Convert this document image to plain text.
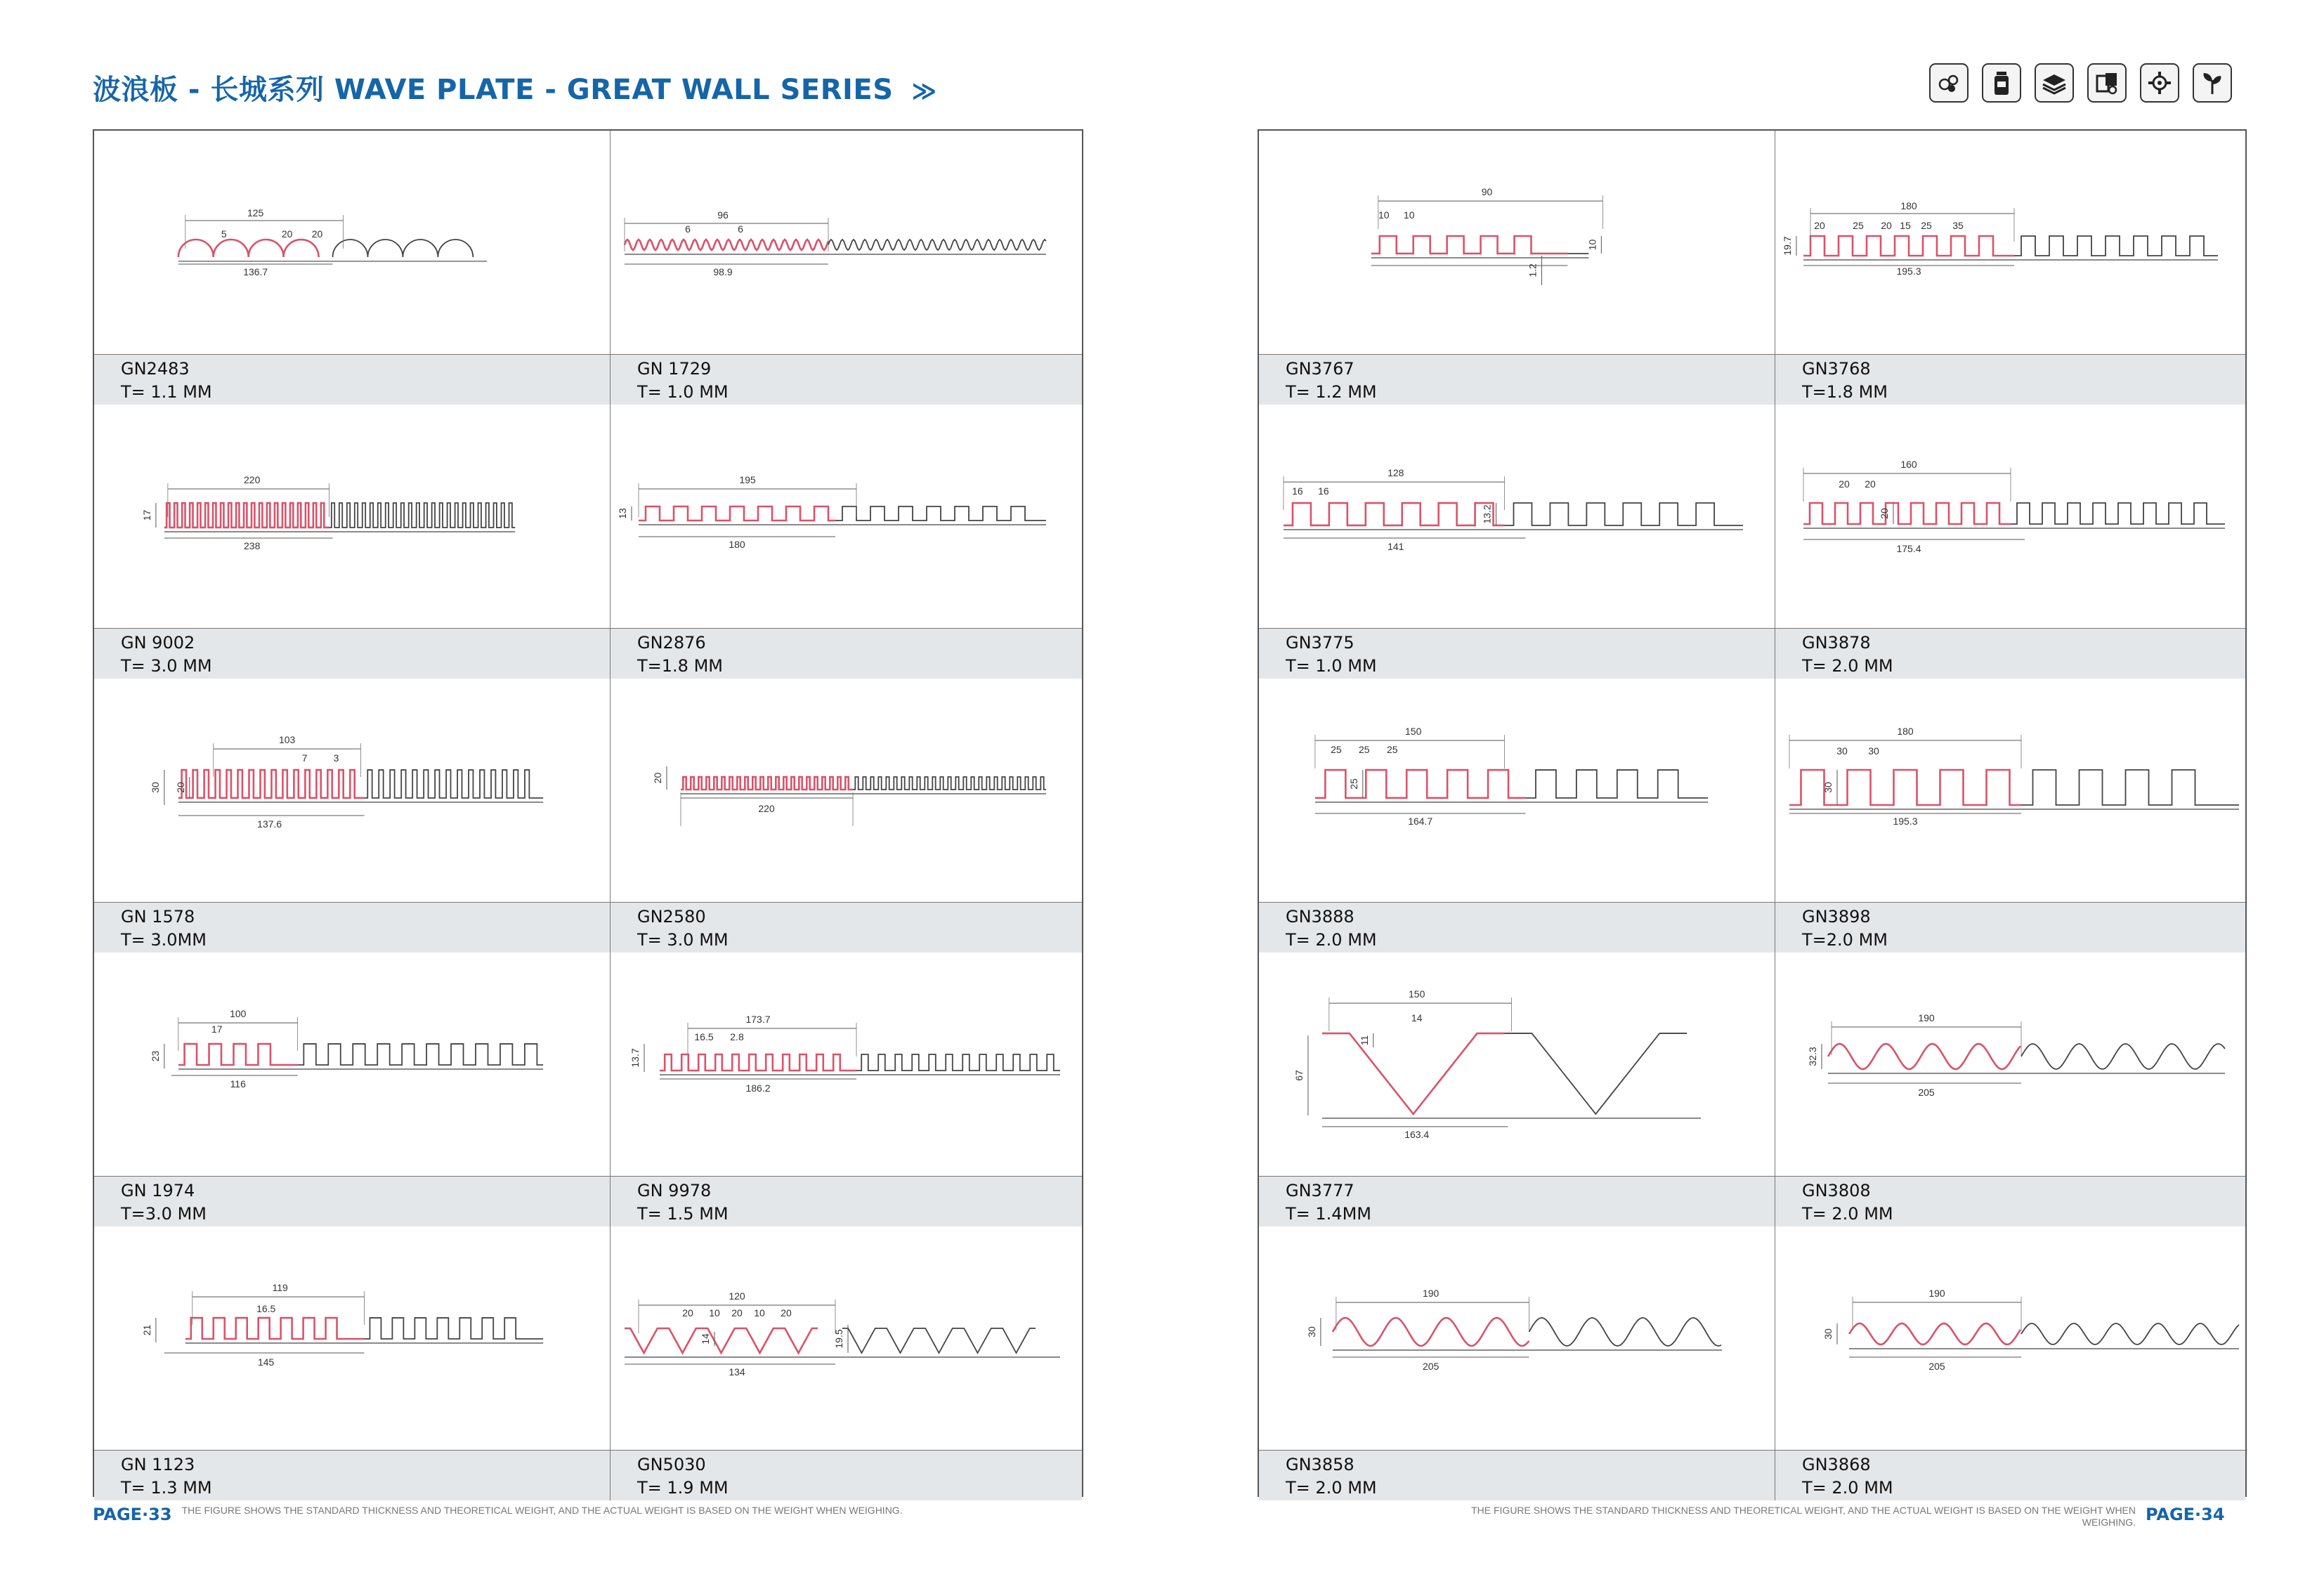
波浪板 - 长城系列 WAVE PLATE - GREAT WALL SERIES ≫
125
5	20 20
136.7
GN2483
T= 1.1 MM
96
6	6
98.9
GN 1729
T= 1.0 MM
220
238
17
GN 9002
T= 3.0 MM
195
180
13
GN2876
T=1.8 MM
103
7	3
137.6
30 20
GN 1578
T= 3.0MM
220
20
GN2580
T= 3.0 MM
100
17
116
23
GN 1974
T=3.0 MM
173.7
16.5 2.8
186.2
13.7
GN 9978
T= 1.5 MM
119
16.5
145
21
GN 1123
T= 1.3 MM
120
20 10 20 10 20
134
14	19.5
GN5030
T= 1.9 MM
90
10 10
10
1.2
GN3767
T= 1.2 MM
180
20	25 20 15 25 35
195.3
19.7
GN3768
T=1.8 MM
128
16 16
141
13.2
GN3775
T= 1.0 MM
160
20 20
175.4
20
GN3878
T= 2.0 MM
150
25 25 25
164.7
25
GN3888
T= 2.0 MM
180
30 30
195.3
30
GN3898
T=2.0 MM
150
14
163.4
11
67
GN3777
T= 1.4MM
190
205
32.3
GN3808
T= 2.0 MM
190
205
30
GN3858
T= 2.0 MM
190
205
30
GN3868
T= 2.0 MM
PAGE·33 THE FIGURE SHOWS THE STANDARD THICKNESS AND THEORETICAL WEIGHT, AND THE ACTUAL WEIGHT IS BASED ON THE WEIGHT WHEN WEIGHING.	THE FIGURE SHOWS THE STANDARD THICKNESS AND THEORETICAL WEIGHT, AND THE ACTUAL WEIGHT IS BASED ON THE WEIGHT WHEN WEIGHING. PAGE·34
